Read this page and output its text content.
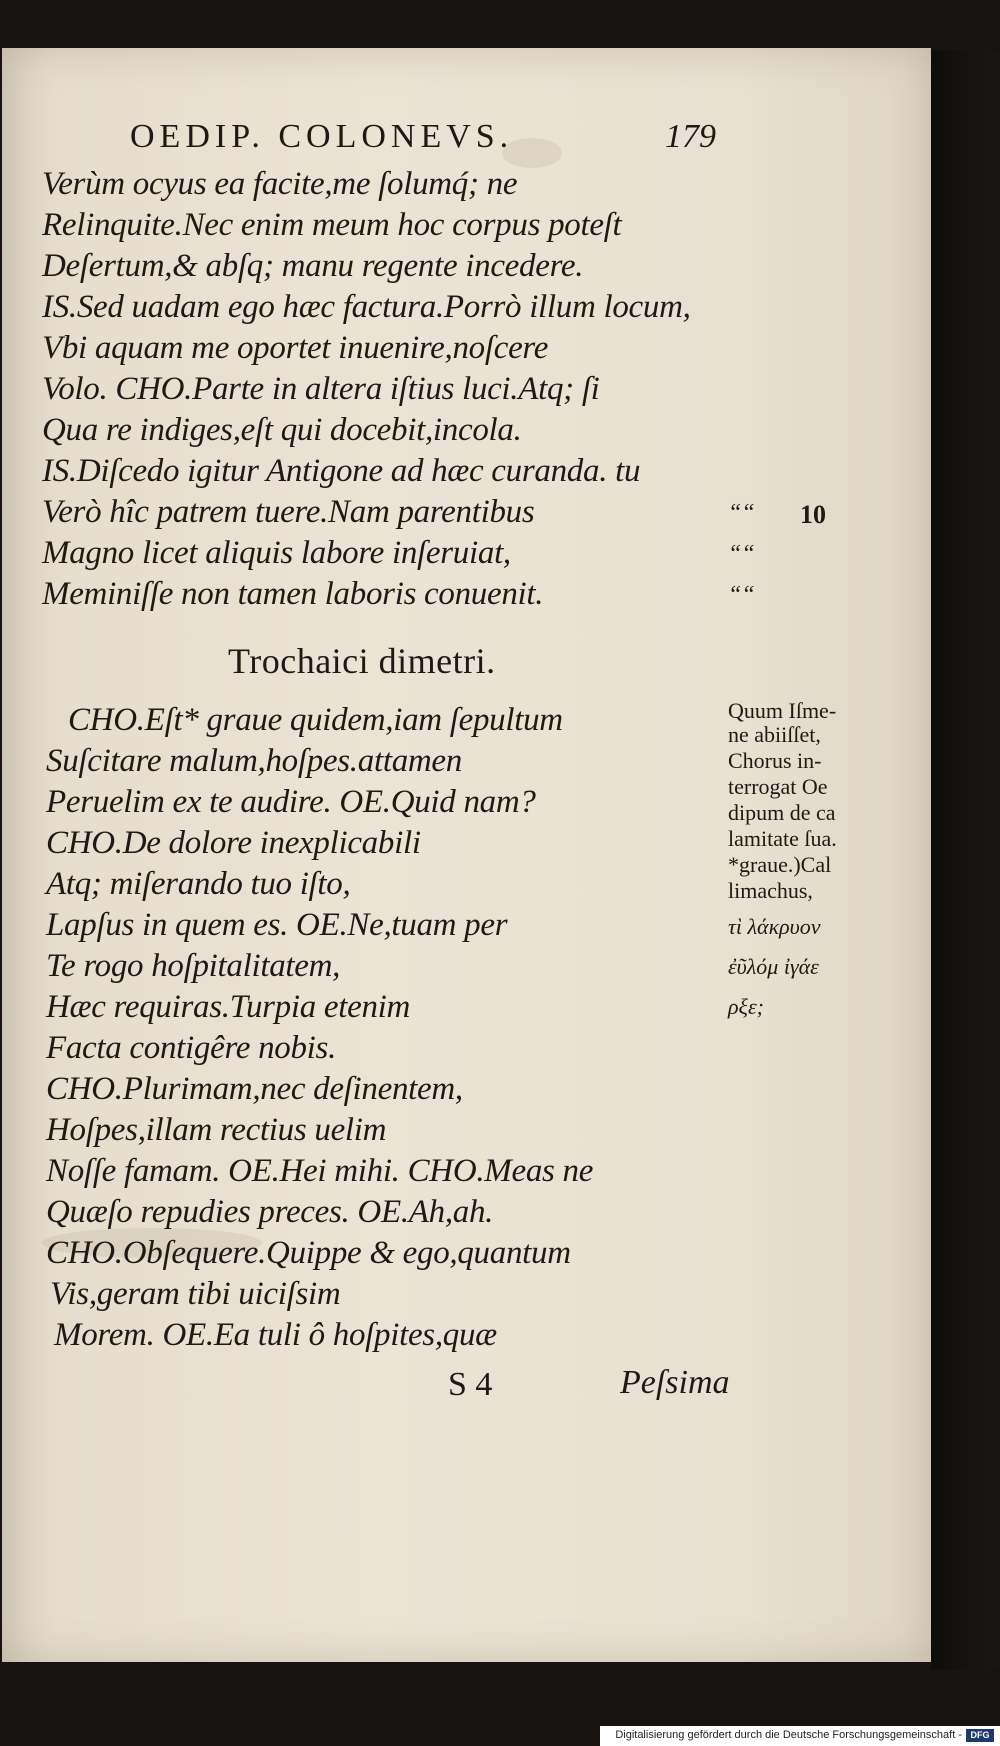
OEDIP. COLONEVS.	179
Verùm ocyus ea facite,me ſolumq́; ne
Relinquite.Nec enim meum hoc corpus poteſt
Deſertum,& abſq; manu regente incedere.
IS.Sed uadam ego hæc factura.Porrò illum locum,
Vbi aquam me oportet inuenire,noſcere
Volo. CHO.Parte in altera iſtius luci.Atq; ſi
Qua re indiges,eſt qui docebit,incola.
IS.Diſcedo igitur Antigone ad hæc curanda. tu
Verò hîc patrem tuere.Nam parentibus
Magno licet aliquis labore inſeruiat,
Meminiſſe non tamen laboris conuenit.
““
““
““
10
Trochaici dimetri.
CHO.Eſt* graue quidem,iam ſepultum
Suſcitare malum,hoſpes.attamen
Peruelim ex te audire. OE.Quid nam?
CHO.De dolore inexplicabili
Atq; miſerando tuo iſto,
Lapſus in quem es. OE.Ne,tuam per
Te rogo hoſpitalitatem,
Hæc requiras.Turpia etenim
Facta contigêre nobis.
CHO.Plurimam,nec deſinentem,
Hoſpes,illam rectius uelim
Noſſe famam. OE.Hei mihi. CHO.Meas ne
Quæſo repudies preces. OE.Ah,ah.
CHO.Obſequere.Quippe & ego,quantum
Vis,geram tibi uiciſsim
Morem. OE.Ea tuli ô hoſpites,quæ
Quum Iſme-
ne abiiſſet,
Chorus in-
terrogat Oe
dipum de ca
lamitate ſua.
*graue.)Cal
limachus,
τὶ λάκρυον
ἐῦλόμ ἰγάε
ρξε;
S 4	Peſsima
Digitalisierung gefördert durch die Deutsche Forschungsgemeinschaft - DFG
